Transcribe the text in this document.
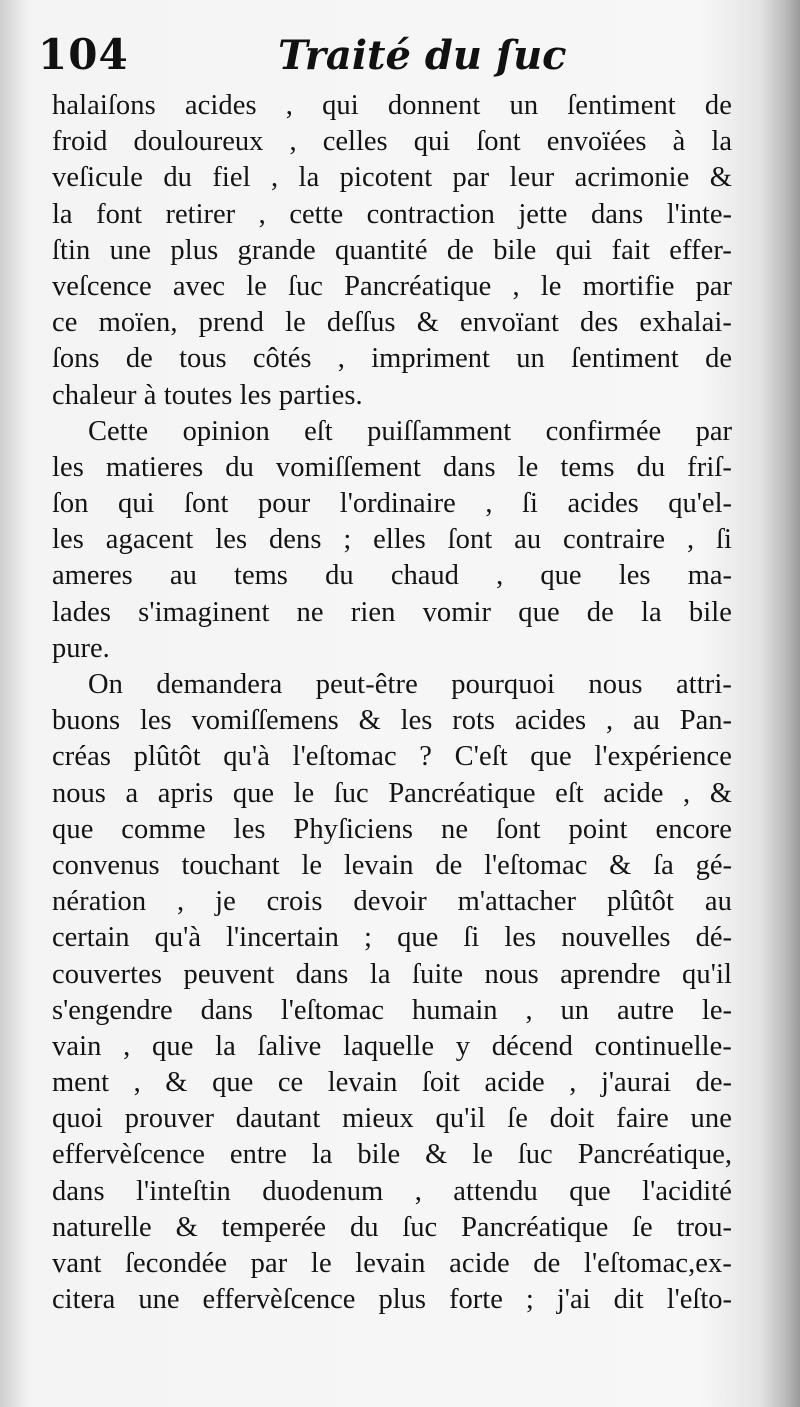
104	Traité du ſuc
halaiſons acides , qui donnent un ſentiment de
froid douloureux , celles qui ſont envoïées à la
veſicule du fiel , la picotent par leur acrimonie &
la font retirer , cette contraction jette dans l'inte-
ſtin une plus grande quantité de bile qui fait effer-
veſcence avec le ſuc Pancréatique , le mortifie par
ce moïen, prend le deſſus & envoïant des exhalai-
ſons de tous côtés , impriment un ſentiment de
chaleur à toutes les parties.
Cette opinion eſt puiſſamment confirmée par
les matieres du vomiſſement dans le tems du friſ-
ſon qui ſont pour l'ordinaire , ſi acides qu'el-
les agacent les dens ; elles ſont au contraire , ſi
ameres au tems du chaud , que les ma-
lades s'imaginent ne rien vomir que de la bile
pure.
On demandera peut-être pourquoi nous attri-
buons les vomiſſemens & les rots acides , au Pan-
créas plûtôt qu'à l'eſtomac ? C'eſt que l'expérience
nous a apris que le ſuc Pancréatique eſt acide , &
que comme les Phyſiciens ne ſont point encore
convenus touchant le levain de l'eſtomac & ſa gé-
nération , je crois devoir m'attacher plûtôt au
certain qu'à l'incertain ; que ſi les nouvelles dé-
couvertes peuvent dans la ſuite nous aprendre qu'il
s'engendre dans l'eſtomac humain , un autre le-
vain , que la ſalive laquelle y décend continuelle-
ment , & que ce levain ſoit acide , j'aurai de-
quoi prouver dautant mieux qu'il ſe doit faire une
effervèſcence entre la bile & le ſuc Pancréatique,
dans l'inteſtin duodenum , attendu que l'acidité
naturelle & temperée du ſuc Pancréatique ſe trou-
vant ſecondée par le levain acide de l'eſtomac,ex-
citera une effervèſcence plus forte ; j'ai dit l'eſto-
